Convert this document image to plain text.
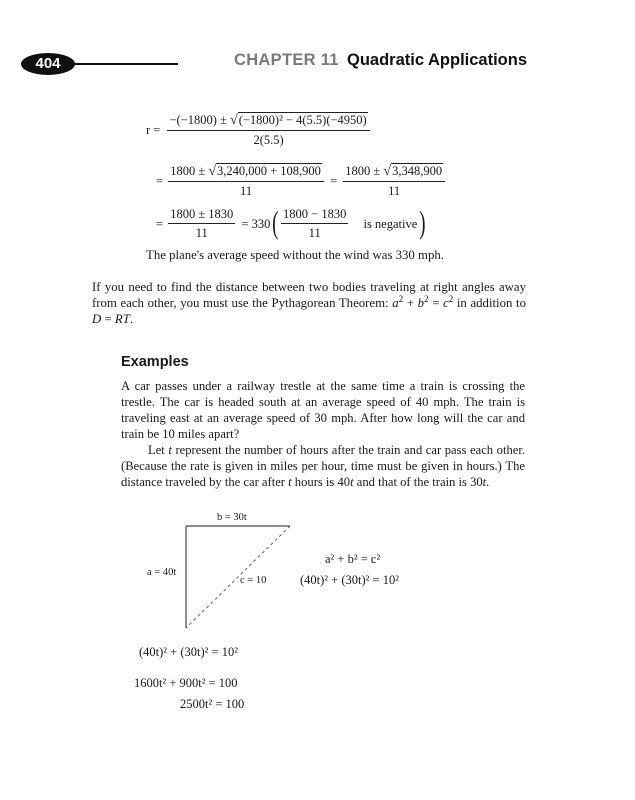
404	CHAPTER 11 Quadratic Applications
$r = \frac{\text{−(−1800) ± √(−1800)² − 4(5.5)(−4950)}}{2(5.5)}$
= $\frac{1800 \pm √3,240,000 + 108,900}{11} = \frac{1800 \pm √3,348,900}{11}$
= $\frac{1800 \pm 1830}{11} = 330( \frac{1800 - 1830}{11}$ is negative)
The plane's average speed without the wind was 330 mph.
If you need to find the distance between two bodies traveling at right angles away from each other, you must use the Pythagorean Theorem: $a^2 + b^2 = c^2$ in addition to D = RT.
Examples
A car passes under a railway trestle at the same time a train is crossing the trestle. The car is headed south at an average speed of 40 mph. The train is traveling east at an average speed of 30 mph. After how long will the car and train be 10 miles apart?
Let t represent the number of hours after the train and car pass each other. (Because the rate is given in miles per hour, time must be given in hours.) The distance traveled by the car after t hours is 40t and that of the train is 30t.
b = 30t
a = 40t
c = 10
a² + b² = c²
(40t)² + (30t)² = 10²
(40t)² + (30t)² = 10²
1600t² + 900t² = 100
2500t² = 100
